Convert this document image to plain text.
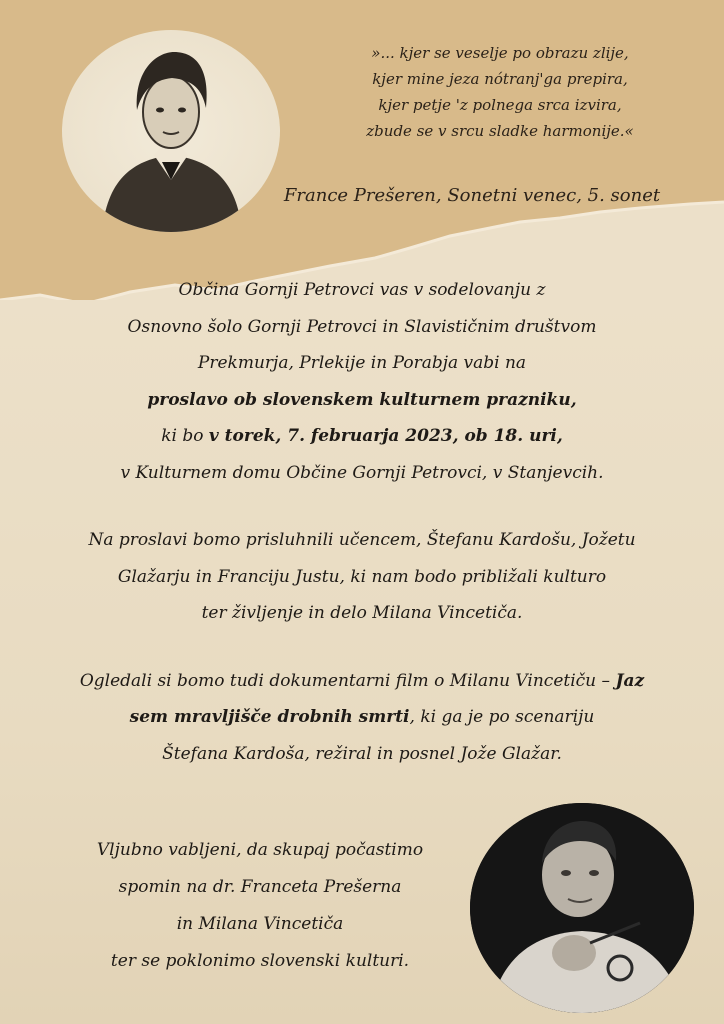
»... kjer se veselje po obrazu zlije,
kjer mine jeza nótranj'ga prepira,
kjer petje 'z polnega srca izvira,
zbude se v srcu sladke harmonije.«
France Prešeren, Sonetni venec, 5. sonet
Občina Gornji Petrovci vas v sodelovanju z
Osnovno šolo Gornji Petrovci in Slavističnim društvom
Prekmurja, Prlekije in Porabja vabi na
proslavo ob slovenskem kulturnem prazniku,
ki bo v torek, 7. februarja 2023, ob 18. uri,
v Kulturnem domu Občine Gornji Petrovci, v Stanjevcih.
Na proslavi bomo prisluhnili učencem, Štefanu Kardošu, Jožetu
Glažarju in Franciju Justu, ki nam bodo približali kulturo
ter življenje in delo Milana Vincetiča.
Ogledali si bomo tudi dokumentarni film o Milanu Vincetiču – Jaz
sem mravljišče drobnih smrti, ki ga je po scenariju
Štefana Kardoša, režiral in posnel Jože Glažar.
Vljubno vabljeni, da skupaj počastimo
spomin na dr. Franceta Prešerna
in Milana Vincetiča
ter se poklonimo slovenski kulturi.
